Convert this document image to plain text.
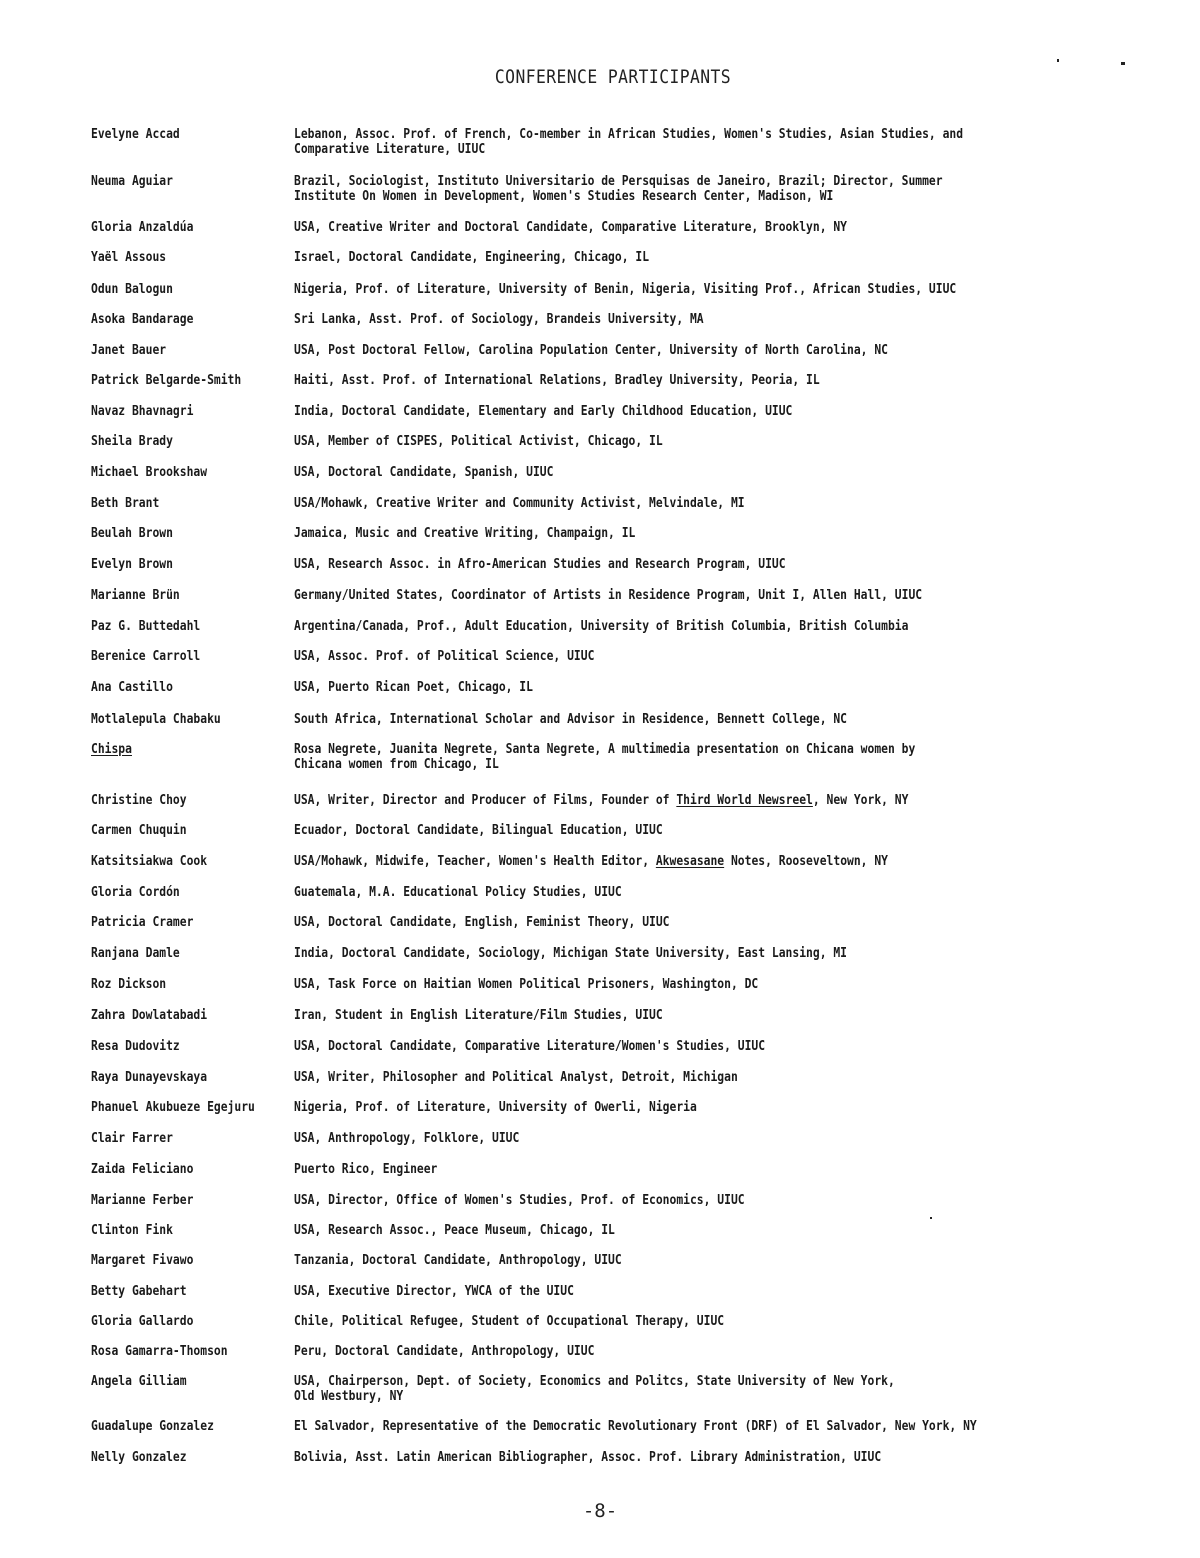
CONFERENCE PARTICIPANTS
Evelyne Accad	Lebanon, Assoc. Prof. of French, Co-member in African Studies, Women's Studies, Asian Studies, and
Comparative Literature, UIUC
Neuma Aguiar	Brazil, Sociologist, Instituto Universitario de Persquisas de Janeiro, Brazil; Director, Summer
Institute On Women in Development, Women's Studies Research Center, Madison, WI
Gloria Anzaldúa	USA, Creative Writer and Doctoral Candidate, Comparative Literature, Brooklyn, NY
Yaël Assous	Israel, Doctoral Candidate, Engineering, Chicago, IL
Odun Balogun	Nigeria, Prof. of Literature, University of Benin, Nigeria, Visiting Prof., African Studies, UIUC
Asoka Bandarage	Sri Lanka, Asst. Prof. of Sociology, Brandeis University, MA
Janet Bauer	USA, Post Doctoral Fellow, Carolina Population Center, University of North Carolina, NC
Patrick Belgarde-Smith	Haiti, Asst. Prof. of International Relations, Bradley University, Peoria, IL
Navaz Bhavnagri	India, Doctoral Candidate, Elementary and Early Childhood Education, UIUC
Sheila Brady	USA, Member of CISPES, Political Activist, Chicago, IL
Michael Brookshaw	USA, Doctoral Candidate, Spanish, UIUC
Beth Brant	USA/Mohawk, Creative Writer and Community Activist, Melvindale, MI
Beulah Brown	Jamaica, Music and Creative Writing, Champaign, IL
Evelyn Brown	USA, Research Assoc. in Afro-American Studies and Research Program, UIUC
Marianne Brün	Germany/United States, Coordinator of Artists in Residence Program, Unit I, Allen Hall, UIUC
Paz G. Buttedahl	Argentina/Canada, Prof., Adult Education, University of British Columbia, British Columbia
Berenice Carroll	USA, Assoc. Prof. of Political Science, UIUC
Ana Castillo	USA, Puerto Rican Poet, Chicago, IL
Motlalepula Chabaku	South Africa, International Scholar and Advisor in Residence, Bennett College, NC
Chispa	Rosa Negrete, Juanita Negrete, Santa Negrete, A multimedia presentation on Chicana women by
Chicana women from Chicago, IL
Christine Choy	USA, Writer, Director and Producer of Films, Founder of Third World Newsreel, New York, NY
Carmen Chuquin	Ecuador, Doctoral Candidate, Bilingual Education, UIUC
Katsitsiakwa Cook	USA/Mohawk, Midwife, Teacher, Women's Health Editor, Akwesasane Notes, Rooseveltown, NY
Gloria Cordón	Guatemala, M.A. Educational Policy Studies, UIUC
Patricia Cramer	USA, Doctoral Candidate, English, Feminist Theory, UIUC
Ranjana Damle	India, Doctoral Candidate, Sociology, Michigan State University, East Lansing, MI
Roz Dickson	USA, Task Force on Haitian Women Political Prisoners, Washington, DC
Zahra Dowlatabadi	Iran, Student in English Literature/Film Studies, UIUC
Resa Dudovitz	USA, Doctoral Candidate, Comparative Literature/Women's Studies, UIUC
Raya Dunayevskaya	USA, Writer, Philosopher and Political Analyst, Detroit, Michigan
Phanuel Akubueze Egejuru	Nigeria, Prof. of Literature, University of Owerli, Nigeria
Clair Farrer	USA, Anthropology, Folklore, UIUC
Zaida Feliciano	Puerto Rico, Engineer
Marianne Ferber	USA, Director, Office of Women's Studies, Prof. of Economics, UIUC
Clinton Fink	USA, Research Assoc., Peace Museum, Chicago, IL
Margaret Fivawo	Tanzania, Doctoral Candidate, Anthropology, UIUC
Betty Gabehart	USA, Executive Director, YWCA of the UIUC
Gloria Gallardo	Chile, Political Refugee, Student of Occupational Therapy, UIUC
Rosa Gamarra-Thomson	Peru, Doctoral Candidate, Anthropology, UIUC
Angela Gilliam	USA, Chairperson, Dept. of Society, Economics and Politcs, State University of New York,
Old Westbury, NY
Guadalupe Gonzalez	El Salvador, Representative of the Democratic Revolutionary Front (DRF) of El Salvador, New York, NY
Nelly Gonzalez	Bolivia, Asst. Latin American Bibliographer, Assoc. Prof. Library Administration, UIUC
-8-
